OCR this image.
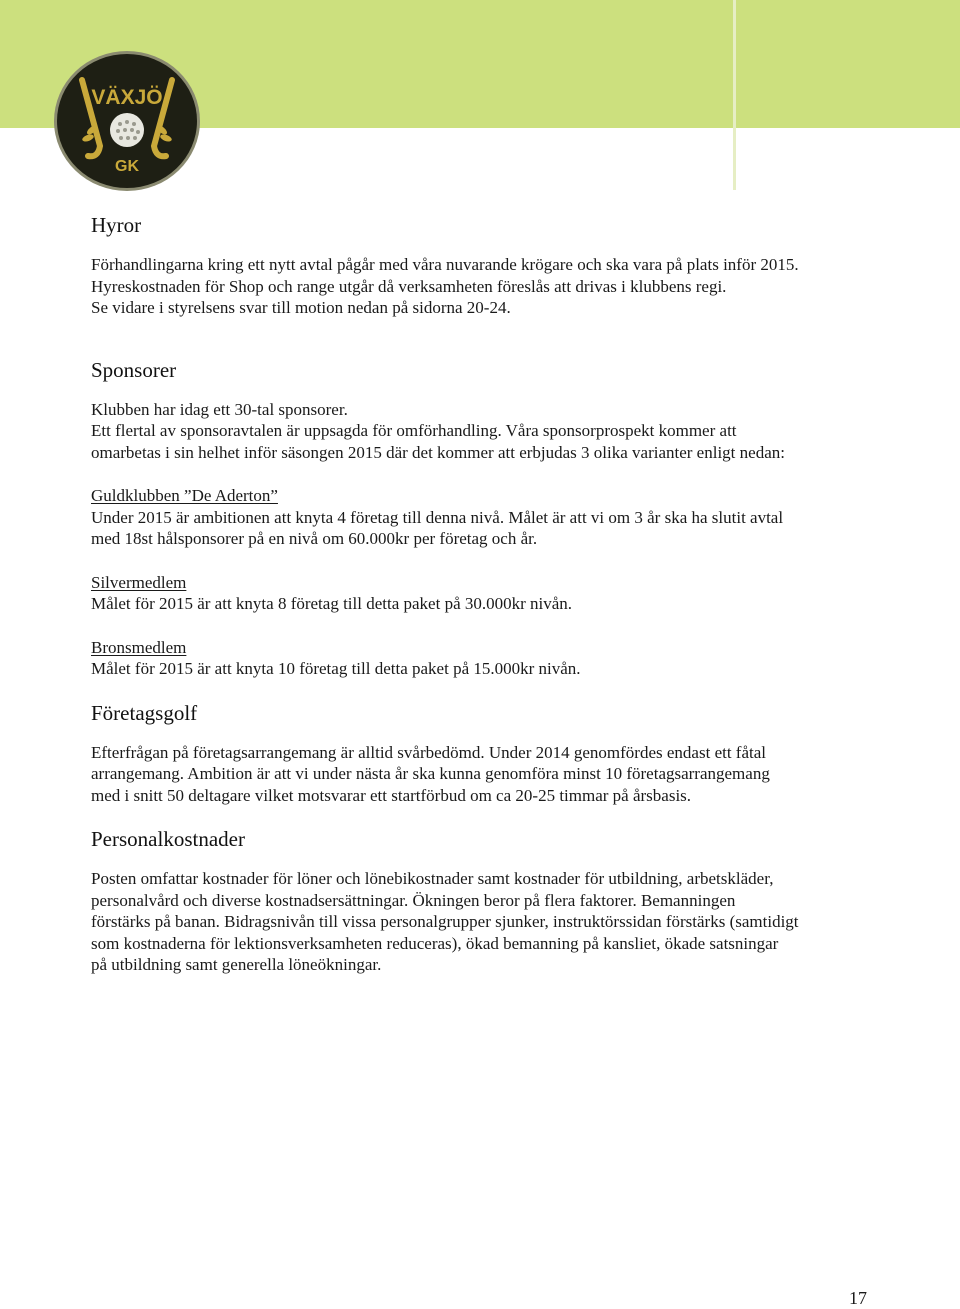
VÄXJÖ
GK
Hyror

Förhandlingarna kring ett nytt avtal pågår med våra nuvarande krögare och ska vara på plats inför 2015.

Hyreskostnaden för Shop och range utgår då verksamheten föreslås att drivas i klubbens regi.

Se vidare i styrelsens svar till motion nedan på sidorna 20-24.

Sponsorer

Klubben har idag ett 30-tal sponsorer.

Ett flertal av sponsoravtalen är uppsagda för omförhandling. Våra sponsorprospekt kommer att

omarbetas i sin helhet inför säsongen 2015 där det kommer att erbjudas 3 olika varianter enligt nedan:

Guldklubben ”De Aderton”

Under 2015 är ambitionen att knyta 4 företag till denna nivå. Målet är att vi om 3 år ska ha slutit avtal

med 18st hålsponsorer på en nivå om 60.000kr per företag och år.

Silvermedlem

Målet för 2015 är att knyta 8 företag till detta paket på 30.000kr nivån.

Bronsmedlem

Målet för 2015 är att knyta 10 företag till detta paket på 15.000kr nivån.

Företagsgolf

Efterfrågan på företagsarrangemang är alltid svårbedömd. Under 2014 genomfördes endast ett fåtal

arrangemang. Ambition är att vi under nästa år ska kunna genomföra minst 10 företagsarrangemang

med i snitt 50 deltagare vilket motsvarar ett startförbud om ca 20-25 timmar på årsbasis.

Personalkostnader

Posten omfattar kostnader för löner och lönebikostnader samt kostnader för utbildning, arbetskläder,

personalvård och diverse kostnadsersättningar. Ökningen beror på flera faktorer. Bemanningen

förstärks på banan. Bidragsnivån till vissa personalgrupper sjunker, instruktörssidan förstärks (samtidigt

som kostnaderna för lektionsverksamheten reduceras), ökad bemanning på kansliet, ökade satsningar

på utbildning samt generella löneökningar.

17
